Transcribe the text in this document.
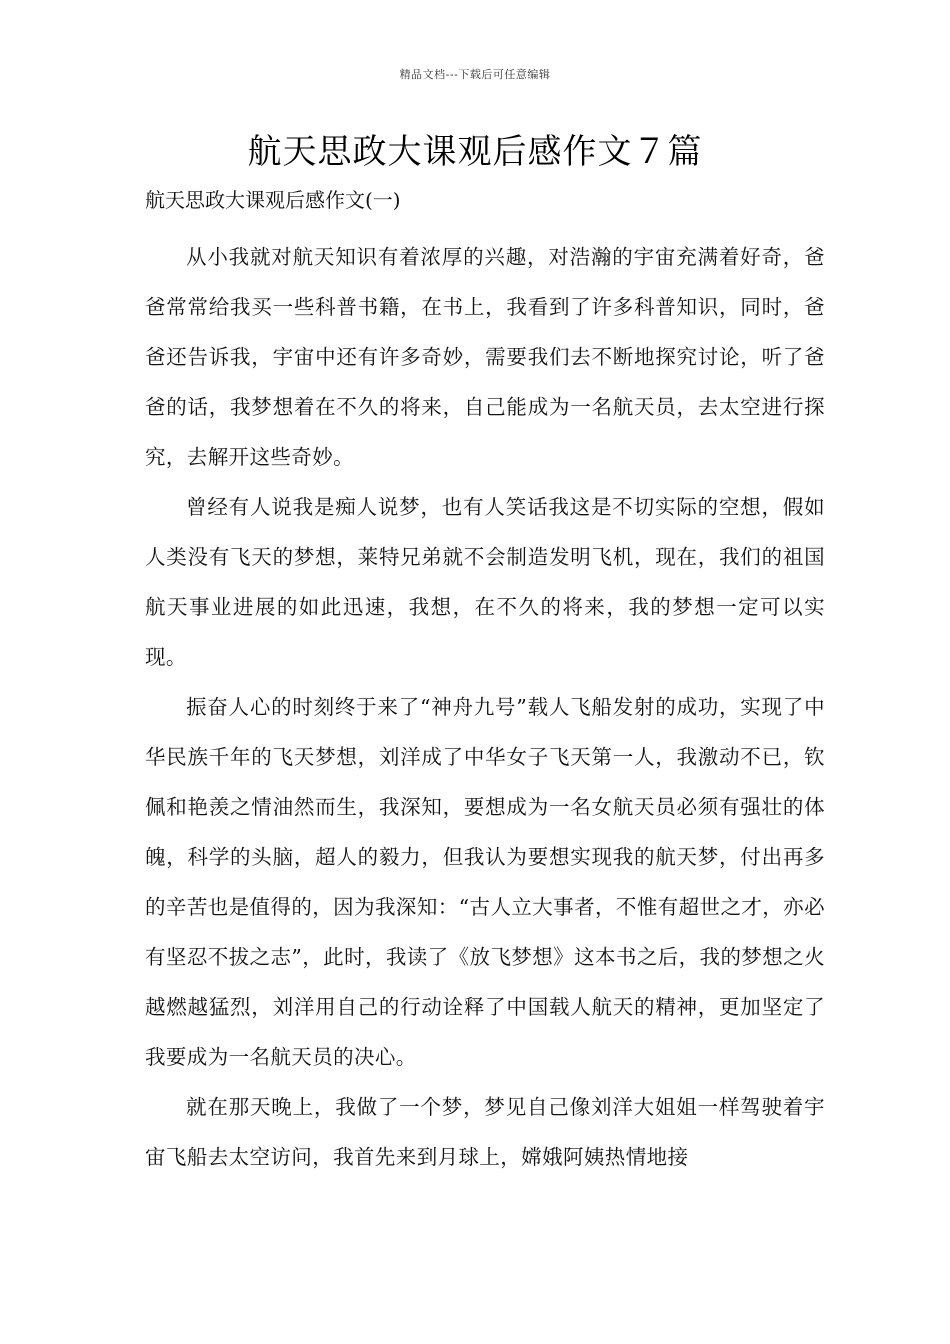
精品文档---下载后可任意编辑
航天思政大课观后感作文７篇

航天思政大课观后感作文(一)

从小我就对航天知识有着浓厚的兴趣，对浩瀚的宇宙充满着好奇，爸爸常常给我买一些科普书籍，在书上，我看到了许多科普知识，同时，爸爸还告诉我，宇宙中还有许多奇妙，需要我们去不断地探究讨论，听了爸爸的话，我梦想着在不久的将来，自己能成为一名航天员，去太空进行探究，去解开这些奇妙。

曾经有人说我是痴人说梦，也有人笑话我这是不切实际的空想，假如人类没有飞天的梦想，莱特兄弟就不会制造发明飞机，现在，我们的祖国航天事业进展的如此迅速，我想，在不久的将来，我的梦想一定可以实现。

振奋人心的时刻终于来了“神舟九号”载人飞船发射的成功，实现了中华民族千年的飞天梦想，刘洋成了中华女子飞天第一人，我激动不已，钦佩和艳羡之情油然而生，我深知，要想成为一名女航天员必须有强壮的体魄，科学的头脑，超人的毅力，但我认为要想实现我的航天梦，付出再多的辛苦也是值得的，因为我深知：“古人立大事者，不惟有超世之才，亦必有坚忍不拔之志”，此时，我读了《放飞梦想》这本书之后，我的梦想之火越燃越猛烈，刘洋用自己的行动诠释了中国载人航天的精神，更加坚定了我要成为一名航天员的决心。

就在那天晚上，我做了一个梦，梦见自己像刘洋大姐姐一样驾驶着宇宙飞船去太空访问，我首先来到月球上，嫦娥阿姨热情地接
